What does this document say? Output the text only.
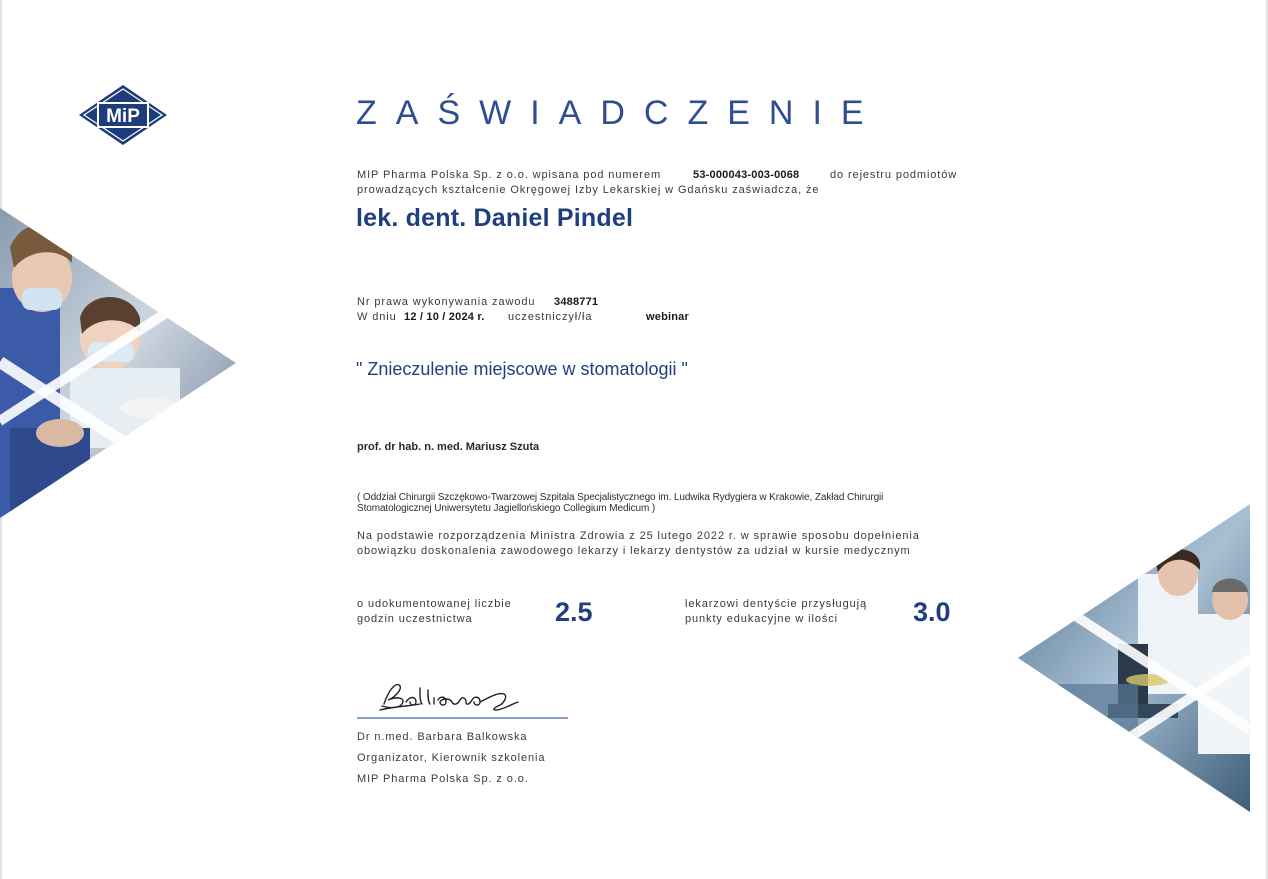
MiP	ZAŚWIADCZENIE
MIP Pharma Polska Sp. z o.o. wpisana pod numerem	53-000043-003-0068	do rejestru podmiotów
prowadzących kształcenie Okręgowej Izby Lekarskiej w Gdańsku zaświadcza, że
lek. dent. Daniel Pindel
Nr prawa wykonywania zawodu 3488771
W dniu 12 / 10 / 2024 r. uczestniczył/ła	webinar
" Znieczulenie miejscowe w stomatologii "
prof. dr hab. n. med. Mariusz Szuta
( Oddział Chirurgii Szczękowo-Twarzowej Szpitala Specjalistycznego im. Ludwika Rydygiera w Krakowie, Zakład Chirurgii
Stomatologicznej Uniwersytetu Jagiellońskiego Collegium Medicum )
Na podstawie rozporządzenia Ministra Zdrowia z 25 lutego 2022 r. w sprawie sposobu dopełnienia
obowiązku doskonalenia zawodowego lekarzy i lekarzy dentystów za udział w kursie medycznym
o udokumentowanej liczbie
godzin uczestnictwa	2.5	lekarzowi dentyście przysługują
punkty edukacyjne w ilości	3.0
Dr n.med. Barbara Balkowska
Organizator, Kierownik szkolenia
MIP Pharma Polska Sp. z o.o.
